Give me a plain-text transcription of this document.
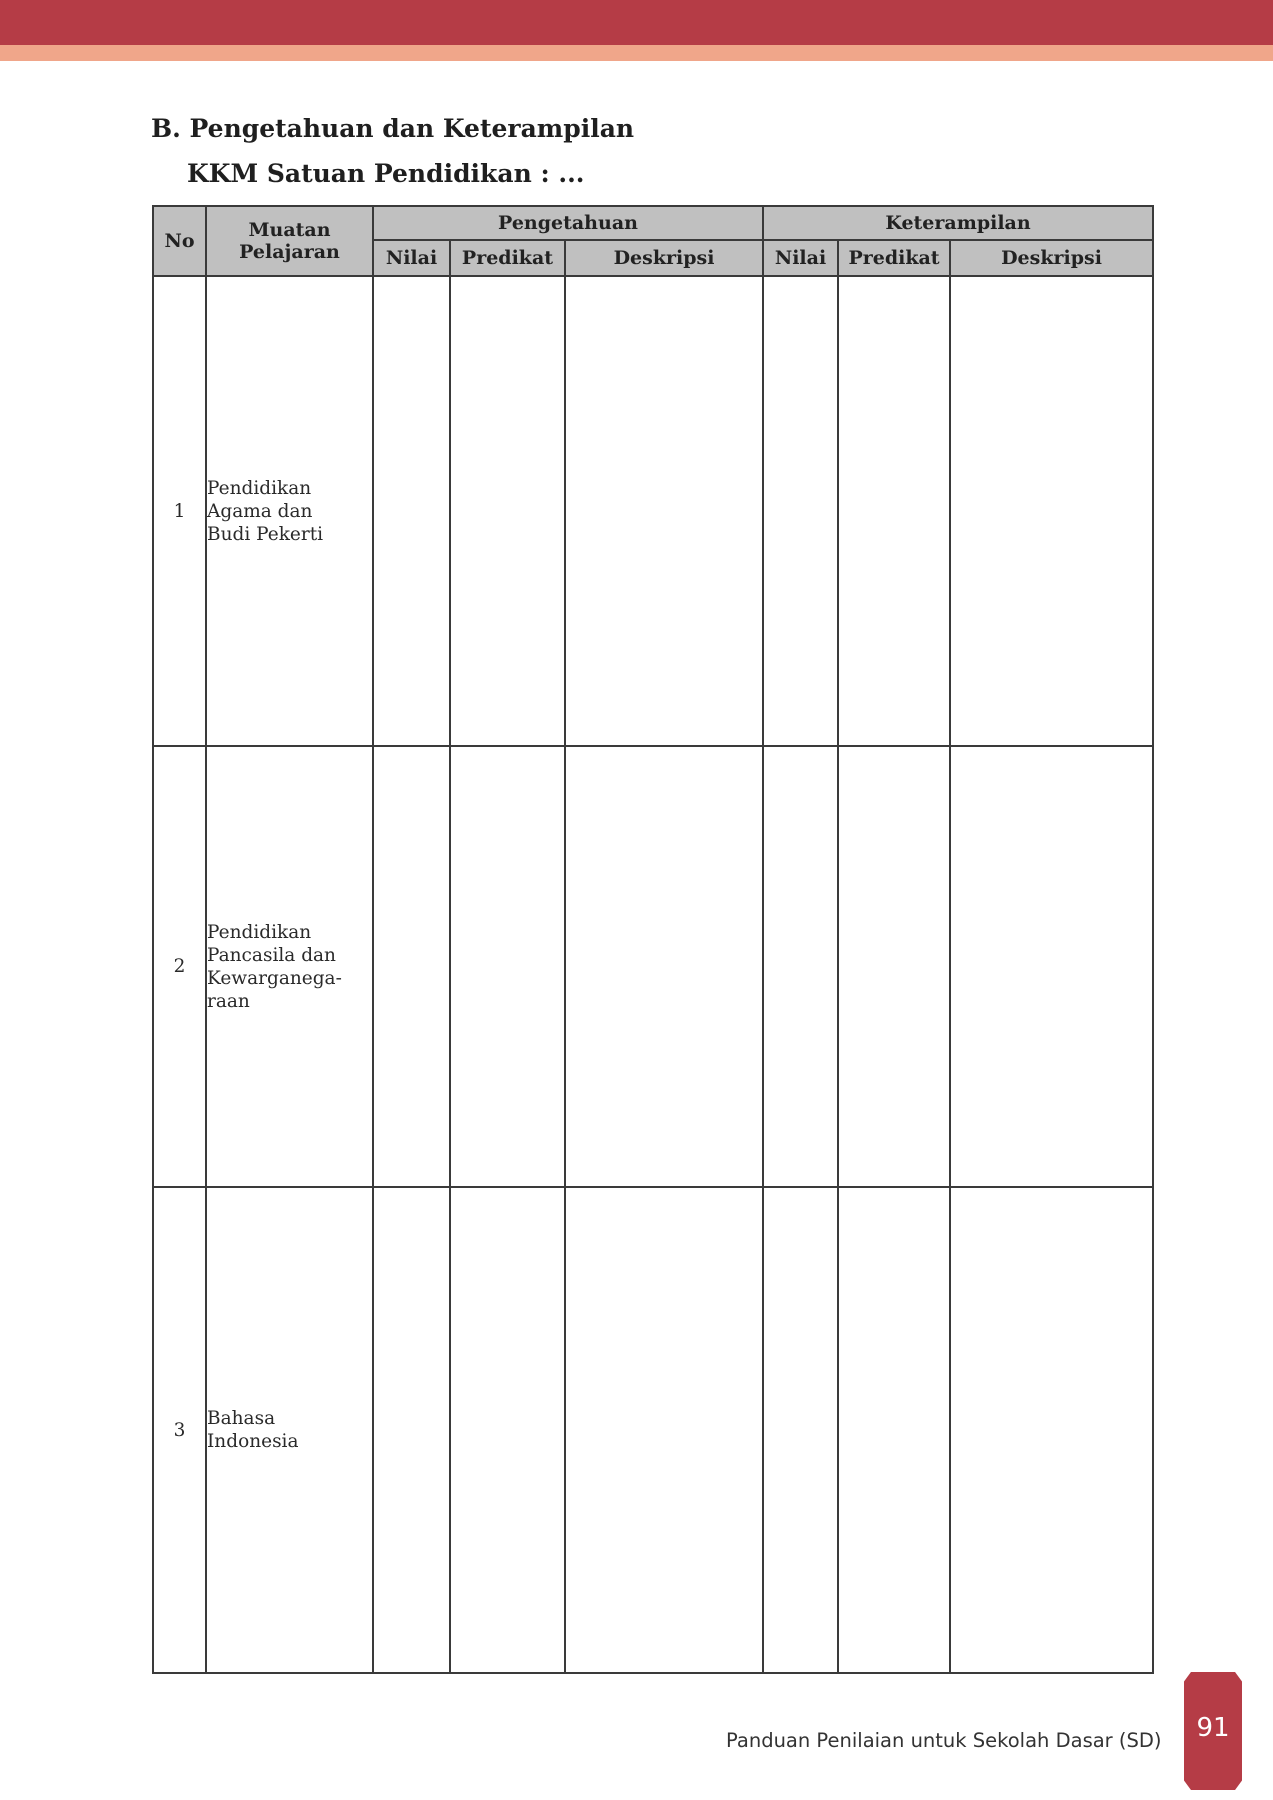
B. Pengetahuan dan Keterampilan
KKM Satuan Pendidikan : ...
No	Muatan Pelajaran	Pengetahuan			Keterampilan		
		Nilai	Predikat	Deskripsi	Nilai	Predikat	Deskripsi
1	Pendidikan
Agama dan
Budi Pekerti						

2	Pendidikan
Pancasila dan
Kewarganega-
raan						

3	Bahasa
Indonesia						

Panduan Penilaian untuk Sekolah Dasar (SD)	91
